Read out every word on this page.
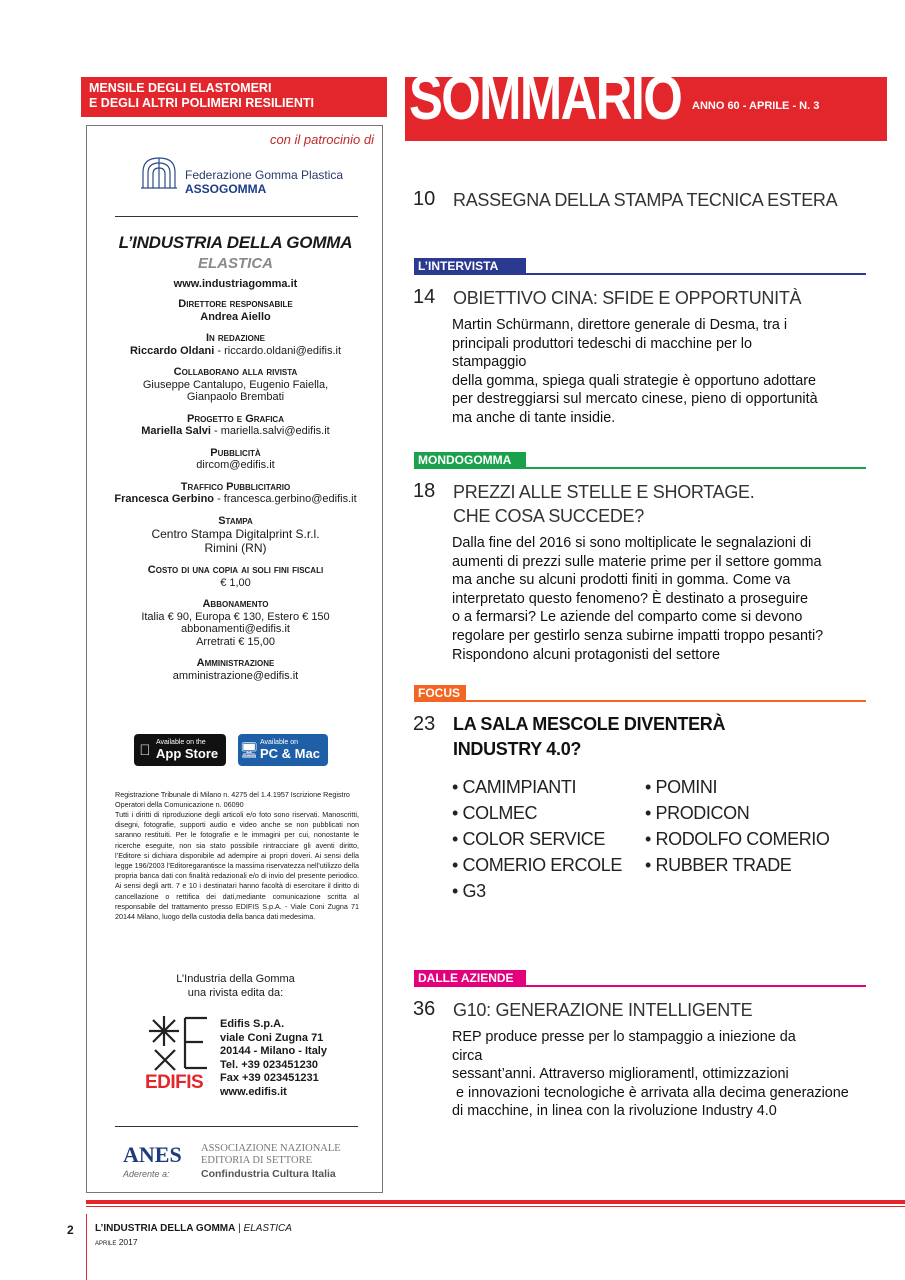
MENSILE DEGLI ELASTOMERI
E DEGLI ALTRI POLIMERI RESILIENTI
con il patrocinio di
Federazione Gomma Plastica
ASSOGOMMA
L’INDUSTRIA DELLA GOMMA
ELASTICA
www.industriagomma.it
Direttore responsabile
Andrea Aiello
In redazione
Riccardo Oldani - riccardo.oldani@edifis.it
Collaborano alla rivista
Giuseppe Cantalupo, Eugenio Faiella,
Gianpaolo Brembati
Progetto e Grafica
Mariella Salvi - mariella.salvi@edifis.it
Pubblicità
dircom@edifis.it
Traffico Pubblicitario
Francesca Gerbino - francesca.gerbino@edifis.it
Stampa
Centro Stampa Digitalprint S.r.l.
Rimini (RN)
Costo di una copia ai soli fini fiscali
€ 1,00
Abbonamento
Italia € 90, Europa € 130, Estero € 150
abbonamenti@edifis.it
Arretrati € 15,00
Amministrazione
amministrazione@edifis.it
Available on the
App Store 🖥 Available on
PC & Mac
Registrazione Tribunale di Milano n. 4275 del 1.4.1957 Iscrizione Registro Operatori della Comunicazione n. 06090
Tutti i diritti di riproduzione degli articoli e/o foto sono riservati. Manoscritti, disegni, fotografie, supporti audio e video anche se non pubblicati non saranno restituiti. Per le fotografie e le immagini per cui, nonostante le ricerche eseguite, non sia stato possibile rintracciare gli aventi diritto, l’Editore si dichiara disponibile ad adempire ai propri doveri. Ai sensi della legge 196/2003 l’Editoregarantisce la massima riservatezza nell’utilizzo della propria banca dati con finalità redazionali e/o di invio del presente periodico. Ai sensi degli artt. 7 e 10 i destinatari hanno facoltà di esercitare il diritto di cancellazione o rettifica dei dati,mediante comunicazione scritta al responsabile del trattamento presso EDIFIS S.p.A. - Viale Coni Zugna 71 20144 Milano, luogo della custodia della banca dati medesima.
L’Industria della Gomma
una rivista edita da:
EDIFIS
Edifis S.p.A.
viale Coni Zugna 71
20144 - Milano - Italy
Tel. +39 023451230
Fax +39 023451231
www.edifis.it
ANES
Aderente a:
ASSOCIAZIONE NAZIONALE
EDITORIA DI SETTORE
Confindustria Cultura Italia
SOMMARIO ANNO 60 - APRILE - N. 3
10 RASSEGNA DELLA STAMPA TECNICA ESTERA
L’INTERVISTA
14 OBIETTIVO CINA: SFIDE E OPPORTUNITÀ
Martin Schürmann, direttore generale di Desma, tra i
principali produttori tedeschi di macchine per lo stampaggio
della gomma, spiega quali strategie è opportuno adottare
per destreggiarsi sul mercato cinese, pieno di opportunità
ma anche di tante insidie.
MONDOGOMMA
18 PREZZI ALLE STELLE E SHORTAGE.
CHE COSA SUCCEDE?
Dalla fine del 2016 si sono moltiplicate le segnalazioni di
aumenti di prezzi sulle materie prime per il settore gomma
ma anche su alcuni prodotti finiti in gomma. Come va
interpretato questo fenomeno? È destinato a proseguire
o a fermarsi? Le aziende del comparto come si devono
regolare per gestirlo senza subirne impatti troppo pesanti?
Rispondono alcuni protagonisti del settore
FOCUS
23 LA SALA MESCOLE DIVENTERÀ
INDUSTRY 4.0?
• CAMIMPIANTI
• COLMEC
• COLOR SERVICE
• COMERIO ERCOLE
• G3
• POMINI
• PRODICON
• RODOLFO COMERIO
• RUBBER TRADE
DALLE AZIENDE
36 G10: GENERAZIONE INTELLIGENTE
REP produce presse per lo stampaggio a iniezione da circa
sessant’anni. Attraverso miglioramentl, ottimizzazioni
e innovazioni tecnologiche è arrivata alla decima generazione
di macchine, in linea con la rivoluzione Industry 4.0
2 L’INDUSTRIA DELLA GOMMA | ELASTICA
aprile 2017
